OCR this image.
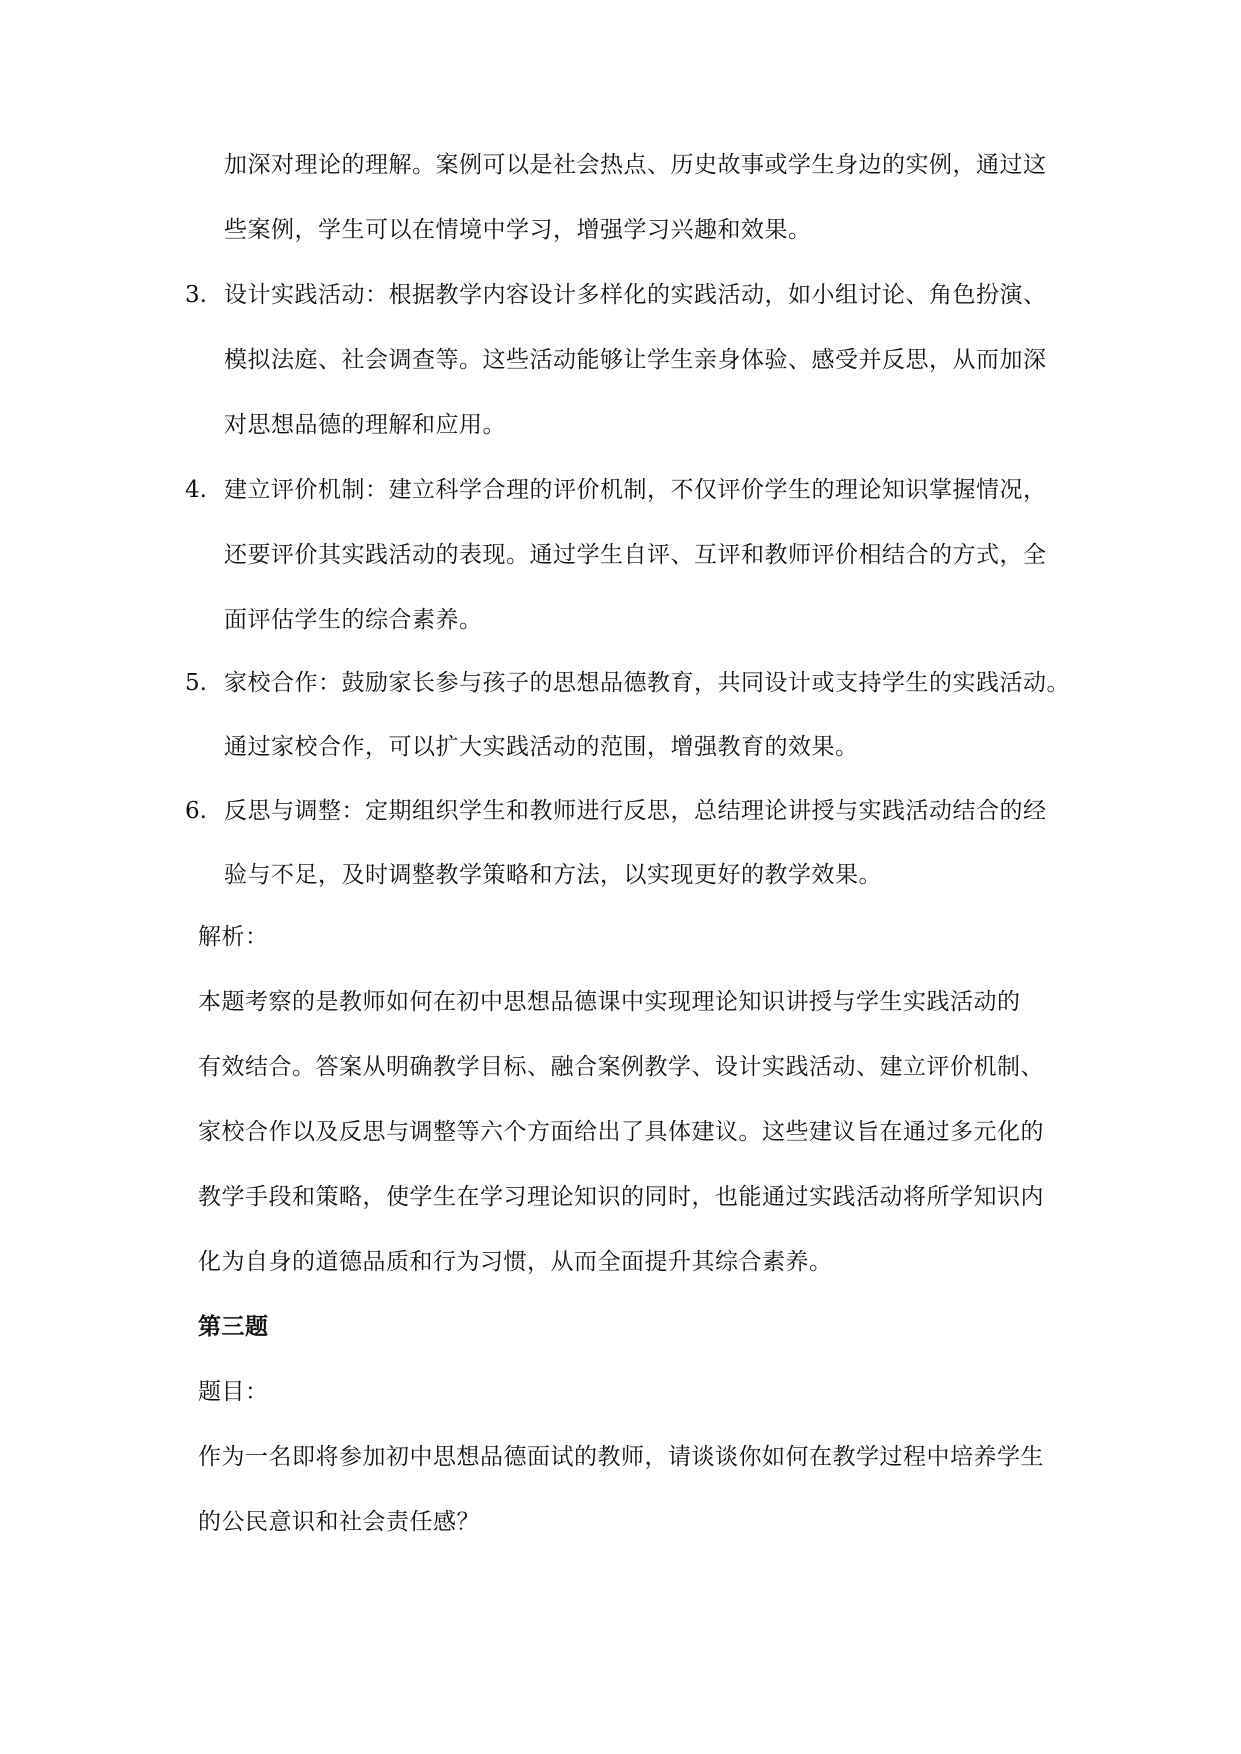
加深对理论的理解。案例可以是社会热点、历史故事或学生身边的实例，通过这
些案例，学生可以在情境中学习，增强学习兴趣和效果。
3. 设计实践活动：根据教学内容设计多样化的实践活动，如小组讨论、角色扮演、
模拟法庭、社会调查等。这些活动能够让学生亲身体验、感受并反思，从而加深
对思想品德的理解和应用。
4. 建立评价机制：建立科学合理的评价机制，不仅评价学生的理论知识掌握情况，
还要评价其实践活动的表现。通过学生自评、互评和教师评价相结合的方式，全
面评估学生的综合素养。
5. 家校合作：鼓励家长参与孩子的思想品德教育，共同设计或支持学生的实践活动。
通过家校合作，可以扩大实践活动的范围，增强教育的效果。
6. 反思与调整：定期组织学生和教师进行反思，总结理论讲授与实践活动结合的经
验与不足，及时调整教学策略和方法，以实现更好的教学效果。
解析：
本题考察的是教师如何在初中思想品德课中实现理论知识讲授与学生实践活动的
有效结合。答案从明确教学目标、融合案例教学、设计实践活动、建立评价机制、
家校合作以及反思与调整等六个方面给出了具体建议。这些建议旨在通过多元化的
教学手段和策略，使学生在学习理论知识的同时，也能通过实践活动将所学知识内
化为自身的道德品质和行为习惯，从而全面提升其综合素养。
第三题
题目：
作为一名即将参加初中思想品德面试的教师，请谈谈你如何在教学过程中培养学生
的公民意识和社会责任感？
